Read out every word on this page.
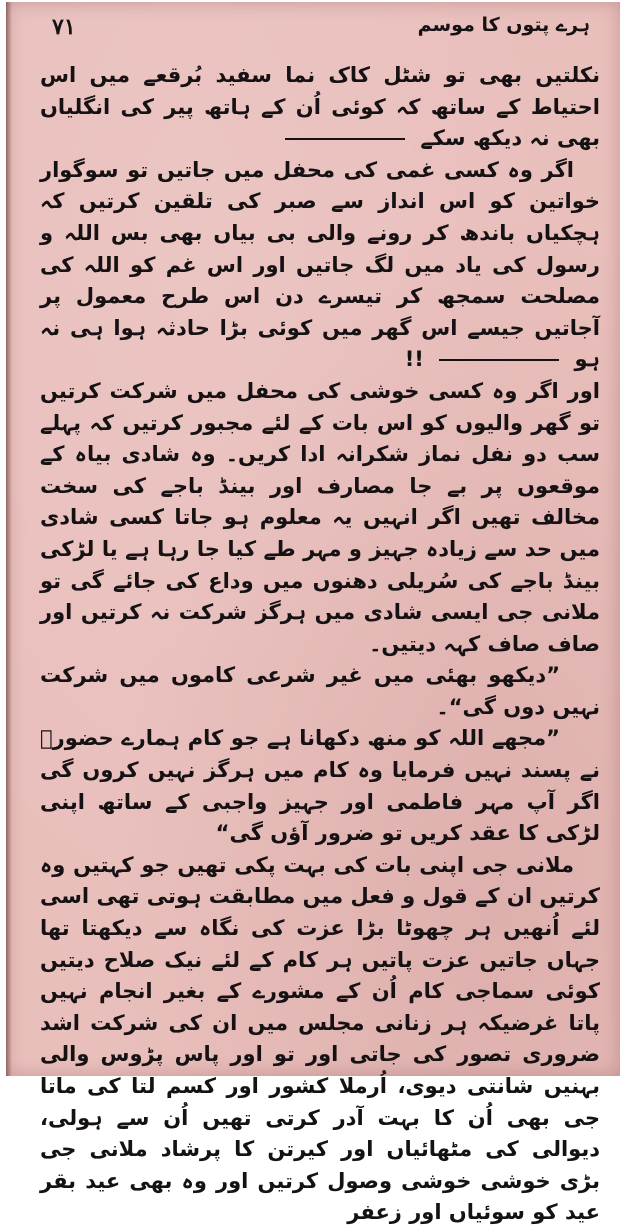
۷۱	ہرے پتوں کا موسم

نکلتیں بھی تو شٹل کاک نما سفید بُرقعے میں اس احتیاط کے ساتھ کہ کوئی اُن کے ہاتھ پیر کی انگلیاں بھی نہ دیکھ سکے

اگر وہ کسی غمی کی محفل میں جاتیں تو سوگوار خواتین کو اس انداز سے صبر کی تلقین کرتیں کہ ہچکیاں باندھ کر رونے والی بی بیاں بھی بس اللہ و رسول کی یاد میں لگ جاتیں اور اس غم کو اللہ کی مصلحت سمجھ کر تیسرے دن اس طرح معمول پر آجاتیں جیسے اس گھر میں کوئی بڑا حادثہ ہوا ہی نہ ہو  !!

اور اگر وہ کسی خوشی کی محفل میں شرکت کرتیں تو گھر والیوں کو اس بات کے لئے مجبور کرتیں کہ پہلے سب دو نفل نماز شکرانہ ادا کریں۔ وہ شادی بیاہ کے موقعوں پر بے جا مصارف اور بینڈ باجے کی سخت مخالف تھیں اگر انہیں یہ معلوم ہو جاتا کسی شادی میں حد سے زیادہ جہیز و مہر طے کیا جا رہا ہے یا لڑکی بینڈ باجے کی سُریلی دھنوں میں وداع کی جائے گی تو ملانی جی ایسی شادی میں ہرگز شرکت نہ کرتیں اور صاف صاف کہہ دیتیں۔

”دیکھو بھئی میں غیر شرعی کاموں میں شرکت نہیں دوں گی“۔

”مجھے اللہ کو منھ دکھانا ہے جو کام ہمارے حضورؐ نے پسند نہیں فرمایا وہ کام میں ہرگز نہیں کروں گی اگر آپ مہر فاطمی اور جہیز واجبی کے ساتھ اپنی لڑکی کا عقد کریں تو ضرور آؤں گی“

ملانی جی اپنی بات کی بہت پکی تھیں جو کہتیں وہ کرتیں ان کے قول و فعل میں مطابقت ہوتی تھی اسی لئے اُنھیں ہر چھوٹا بڑا عزت کی نگاہ سے دیکھتا تھا جہاں جاتیں عزت پاتیں ہر کام کے لئے نیک صلاح دیتیں کوئی سماجی کام اُن کے مشورے کے بغیر انجام نہیں پاتا غرضیکہ ہر زنانی مجلس میں ان کی شرکت اشد ضروری تصور کی جاتی اور تو اور پاس پڑوس والی بہنیں شانتی دیوی، اُرملا کشور اور کسم لتا کی ماتا جی بھی اُن کا بہت آدر کرتی تھیں اُن سے ہولی، دیوالی کی مٹھائیاں اور کیرتن کا پرشاد ملانی جی بڑی خوشی خوشی وصول کرتیں اور وہ بھی عید بقر عید کو سوئیاں اور زعفر
